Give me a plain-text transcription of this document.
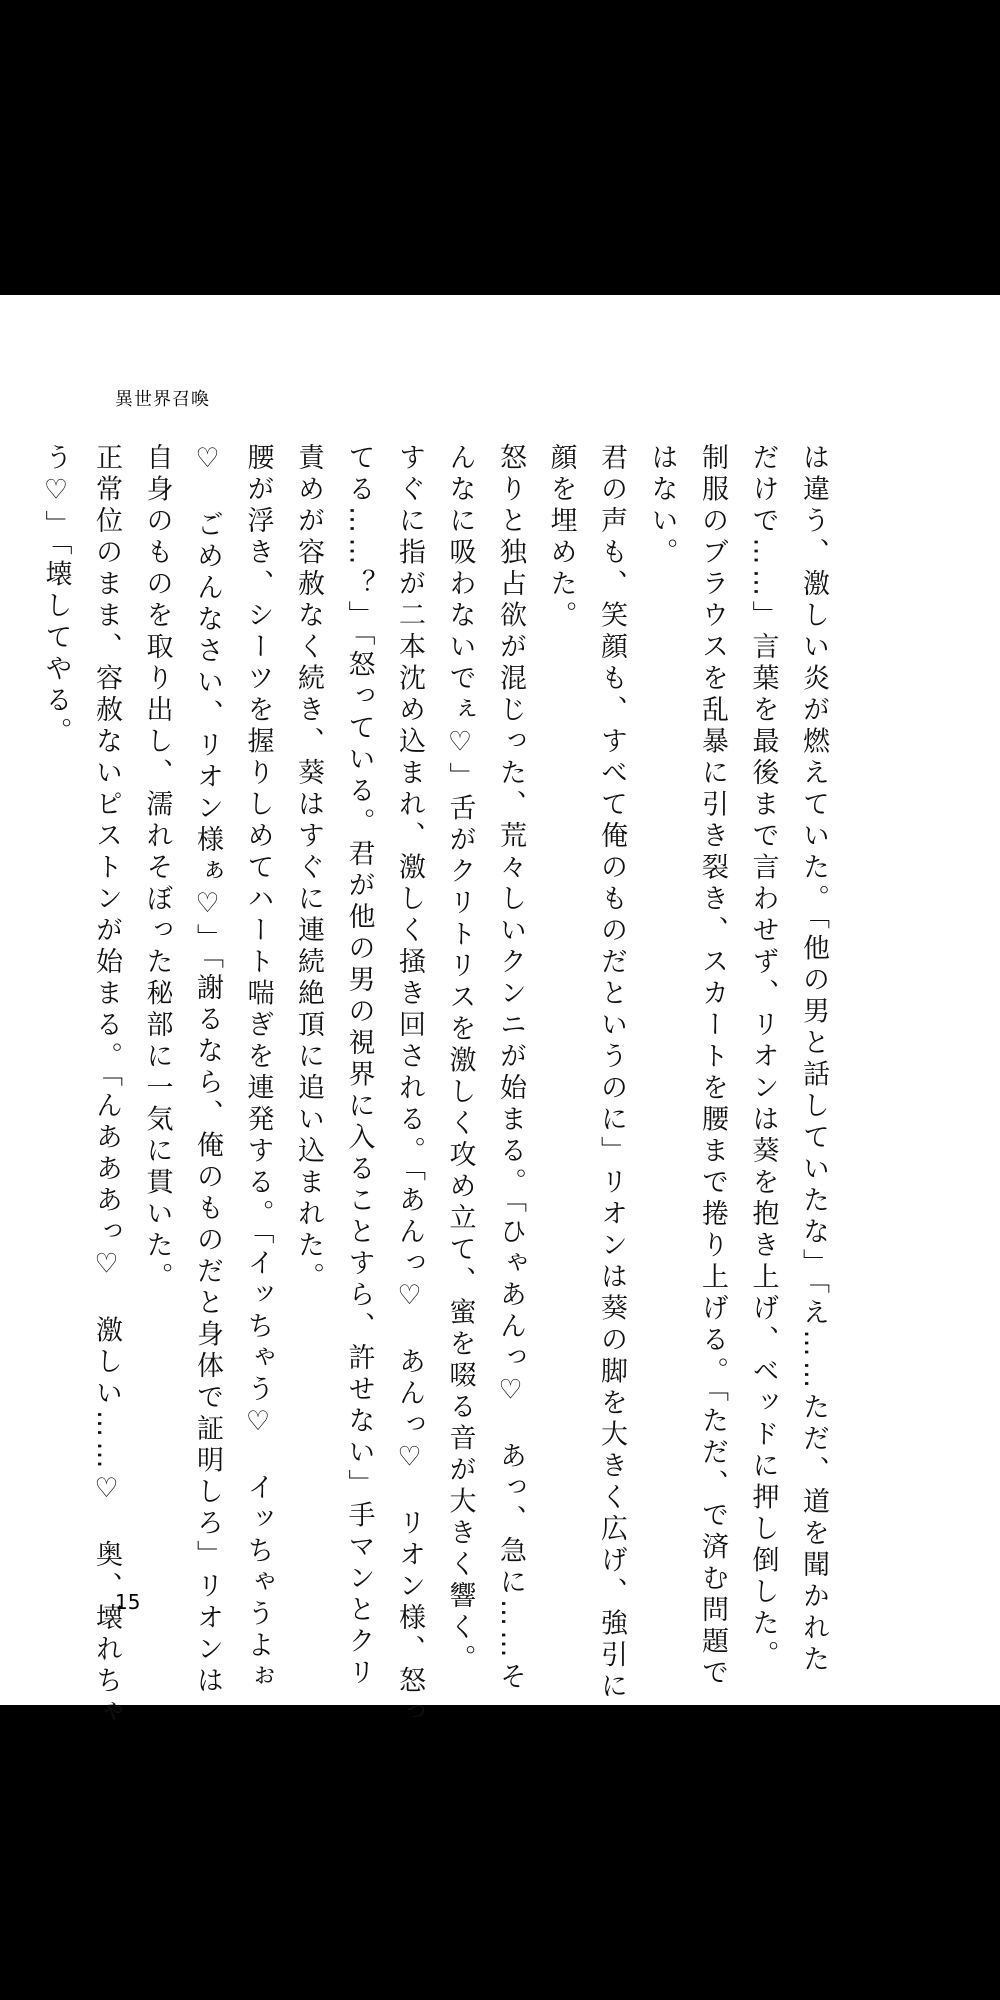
異世界召喚
は違う、激しい炎が燃えていた。「他の男と話していたな」「え……ただ、道を聞かれた
だけで……」言葉を最後まで言わせず、リオンは葵を抱き上げ、ベッドに押し倒した。
制服のブラウスを乱暴に引き裂き、スカートを腰まで捲り上げる。「ただ、で済む問題で
はない。
君の声も、笑顔も、すべて俺のものだというのに」リオンは葵の脚を大きく広げ、強引に
顔を埋めた。
怒りと独占欲が混じった、荒々しいクンニが始まる。「ひゃあんっ♡　あっ、急に……そ
んなに吸わないでぇ♡」舌がクリトリスを激しく攻め立て、蜜を啜る音が大きく響く。
すぐに指が二本沈め込まれ、激しく掻き回される。「あんっ♡　あんっ♡　リオン様、怒っ
てる……？」「怒っている。君が他の男の視界に入ることすら、許せない」手マンとクリ
責めが容赦なく続き、葵はすぐに連続絶頂に追い込まれた。
腰が浮き、シーツを握りしめてハート喘ぎを連発する。「イッちゃう♡　イッちゃうよぉ
♡　ごめんなさい、リオン様ぁ♡」「謝るなら、俺のものだと身体で証明しろ」リオンは
自身のものを取り出し、濡れそぼった秘部に一気に貫いた。
正常位のまま、容赦ないピストンが始まる。「んあああっ♡　激しい……♡　奥、壊れちゃ
う♡」「壊してやる。
15
